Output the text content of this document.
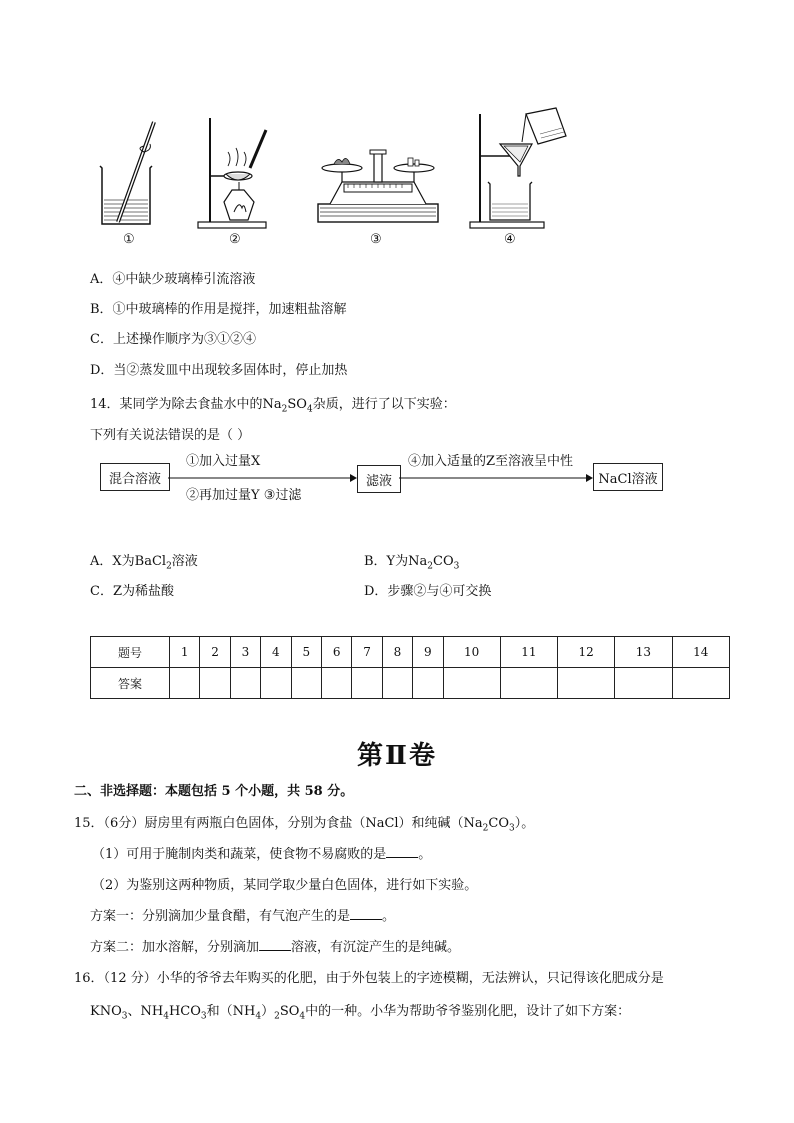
①	②	③	④
A．④中缺少玻璃棒引流溶液
B．①中玻璃棒的作用是搅拌，加速粗盐溶解
C．上述操作顺序为③①②④
D．当②蒸发皿中出现较多固体时，停止加热
14．某同学为除去食盐水中的$Na_2SO_4$杂质，进行了以下实验：
下列有关说法错误的是（ ）
混合溶液	滤液	NaCl溶液
①加入过量X
②再加过量Y ③过滤
④加入适量的Z至溶液呈中性
A．X为BaCl$_2$溶液	B．Y为$Na_2CO_3$
C．Z为稀盐酸	D．步骤②与④可交换
题号	1	2	3	4	5	6	7	8	9	10	11	12	13	14
答案														
第Ⅱ卷
二、非选择题：本题包括 5 个小题，共 58 分。
15．（6分）厨房里有两瓶白色固体，分别为食盐（NaCl）和纯碱$(Na_2CO_3)$。
（1）可用于腌制肉类和蔬菜，使食物不易腐败的是 。
（2）为鉴别这两种物质，某同学取少量白色固体，进行如下实验。
方案一：分别滴加少量食醋，有气泡产生的是 。
方案二：加水溶解，分别滴加 溶液，有沉淀产生的是纯碱。
16．（12 分）小华的爷爷去年购买的化肥，由于外包装上的字迹模糊，无法辨认，只记得该化肥成分是
$KNO_3$、$NH_4HCO_3$和$(NH_4)_2SO_4$中的一种。小华为帮助爷爷鉴别化肥，设计了如下方案：
